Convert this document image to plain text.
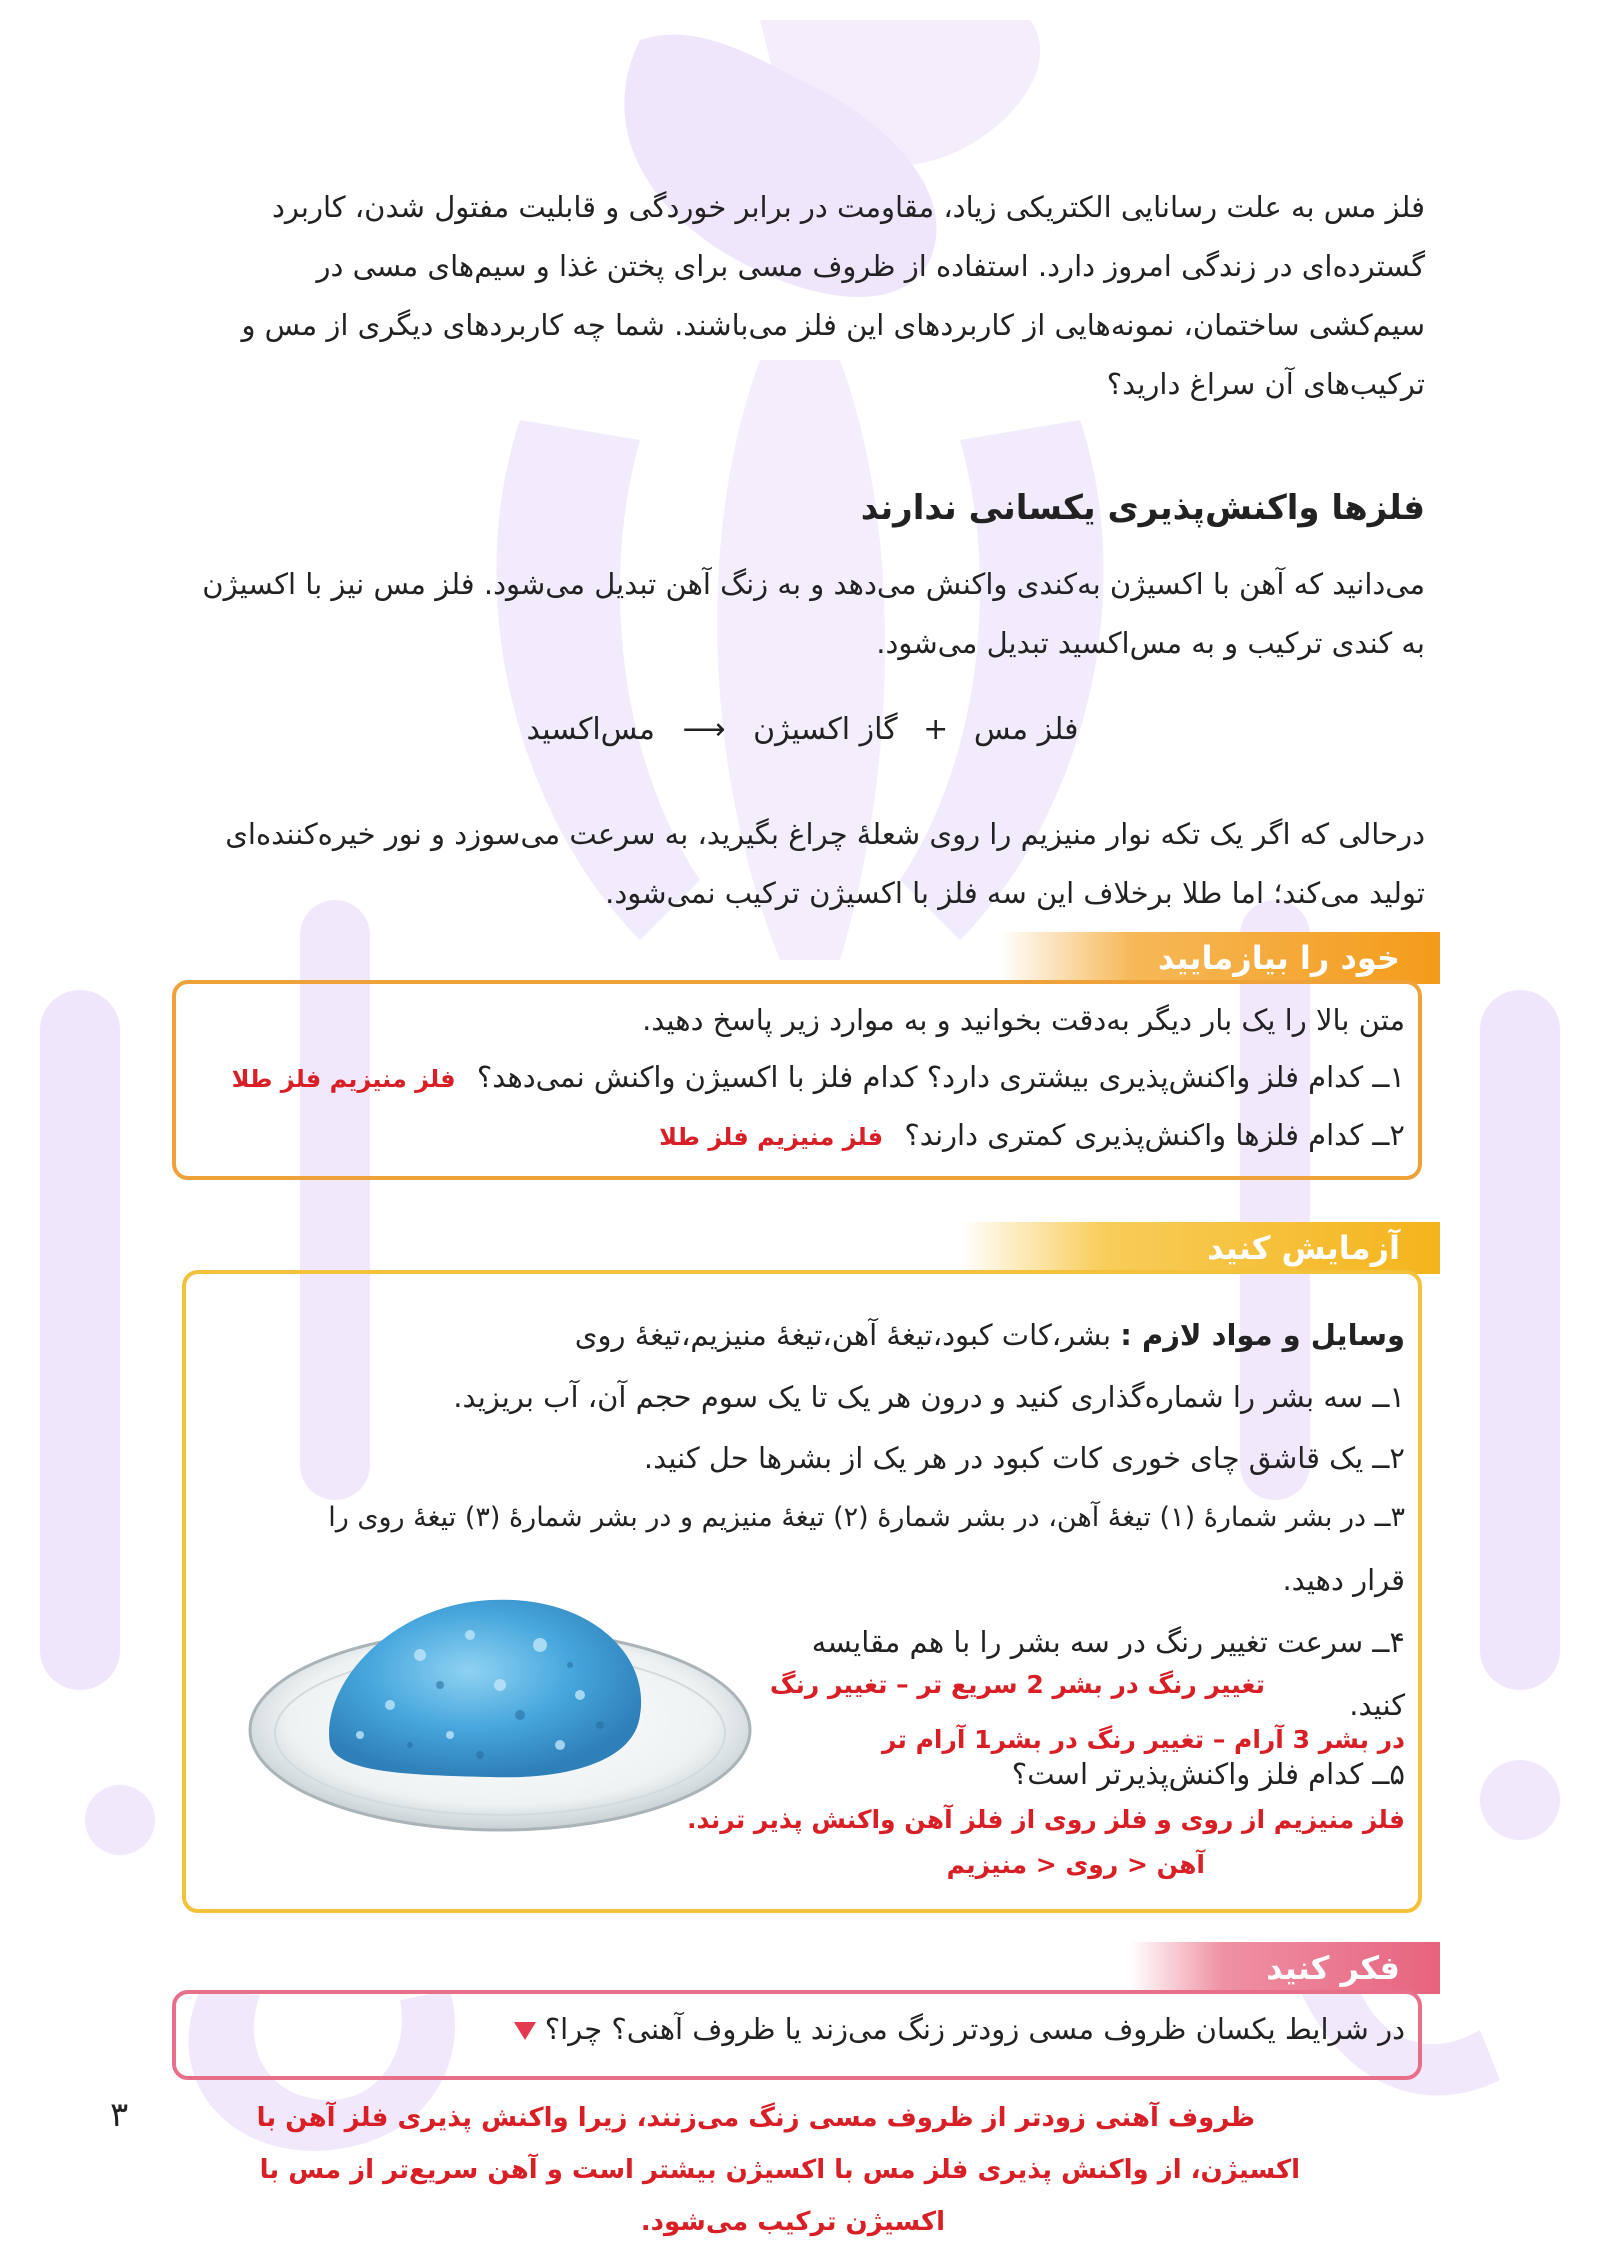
فلز مس به علت رسانایی الکتریکی زیاد، مقاومت در برابر خوردگی و قابلیت مفتول شدن، کاربرد
گسترده‌ای در زندگی امروز دارد. استفاده از ظروف مسی برای پختن غذا و سیم‌های مسی در
سیم‌کشی ساختمان، نمونه‌هایی از کاربردهای این فلز می‌باشند. شما چه کاربردهای دیگری از مس و
ترکیب‌های آن سراغ دارید؟
فلزها واکنش‌پذیری یکسانی ندارند
می‌دانید که آهن با اکسیژن به‌کندی واکنش می‌دهد و به زنگ آهن تبدیل می‌شود. فلز مس نیز با اکسیژن
به کندی ترکیب و به مس‌اکسید تبدیل می‌شود.
فلز مس + گاز اکسیژن ⟶ مس‌اکسید
درحالی که اگر یک تکه نوار منیزیم را روی شعلهٔ چراغ بگیرید، به سرعت می‌سوزد و نور خیره‌کننده‌ای
تولید می‌کند؛ اما طلا برخلاف این سه فلز با اکسیژن ترکیب نمی‌شود.
خود را بیازمایید
متن بالا را یک بار دیگر به‌دقت بخوانید و به موارد زیر پاسخ دهید.
۱ــ کدام فلز واکنش‌پذیری بیشتری دارد؟ کدام فلز با اکسیژن واکنش نمی‌دهد؟ فلز منیزیم فلز طلا
۲ــ کدام فلزها واکنش‌پذیری کمتری دارند؟ فلز منیزیم فلز طلا
آزمایش کنید
وسایل و مواد لازم : بشر،کات کبود،تیغهٔ آهن،تیغهٔ منیزیم،تیغهٔ روی
۱ــ سه بشر را شماره‌گذاری کنید و درون هر یک تا یک سوم حجم آن، آب بریزید.
۲ــ یک قاشق چای خوری کات کبود در هر یک از بشرها حل کنید.
۳ــ در بشر شمارهٔ (۱) تیغهٔ آهن، در بشر شمارهٔ (۲) تیغهٔ منیزیم و در بشر شمارهٔ (۳) تیغهٔ روی را
قرار دهید.
۴ــ سرعت تغییر رنگ در سه بشر را با هم مقایسه
تغییر رنگ در بشر 2 سریع تر – تغییر رنگ
کنید.
در بشر 3 آرام – تغییر رنگ در بشر1 آرام تر
۵ــ کدام فلز واکنش‌پذیرتر است؟
فلز منیزیم از روی و فلز روی از فلز آهن واکنش پذیر ترند.
آهن < روی < منیزیم
فکر کنید
در شرایط یکسان ظروف مسی زودتر زنگ می‌زند یا ظروف آهنی؟ چرا؟
ظروف آهنی زودتر از ظروف مسی زنگ می‌زنند، زیرا واکنش پذیری فلز آهن با
اکسیژن، از واکنش پذیری فلز مس با اکسیژن بیشتر است و آهن سریع‌تر از مس با
اکسیژن ترکیب می‌شود.
۳
